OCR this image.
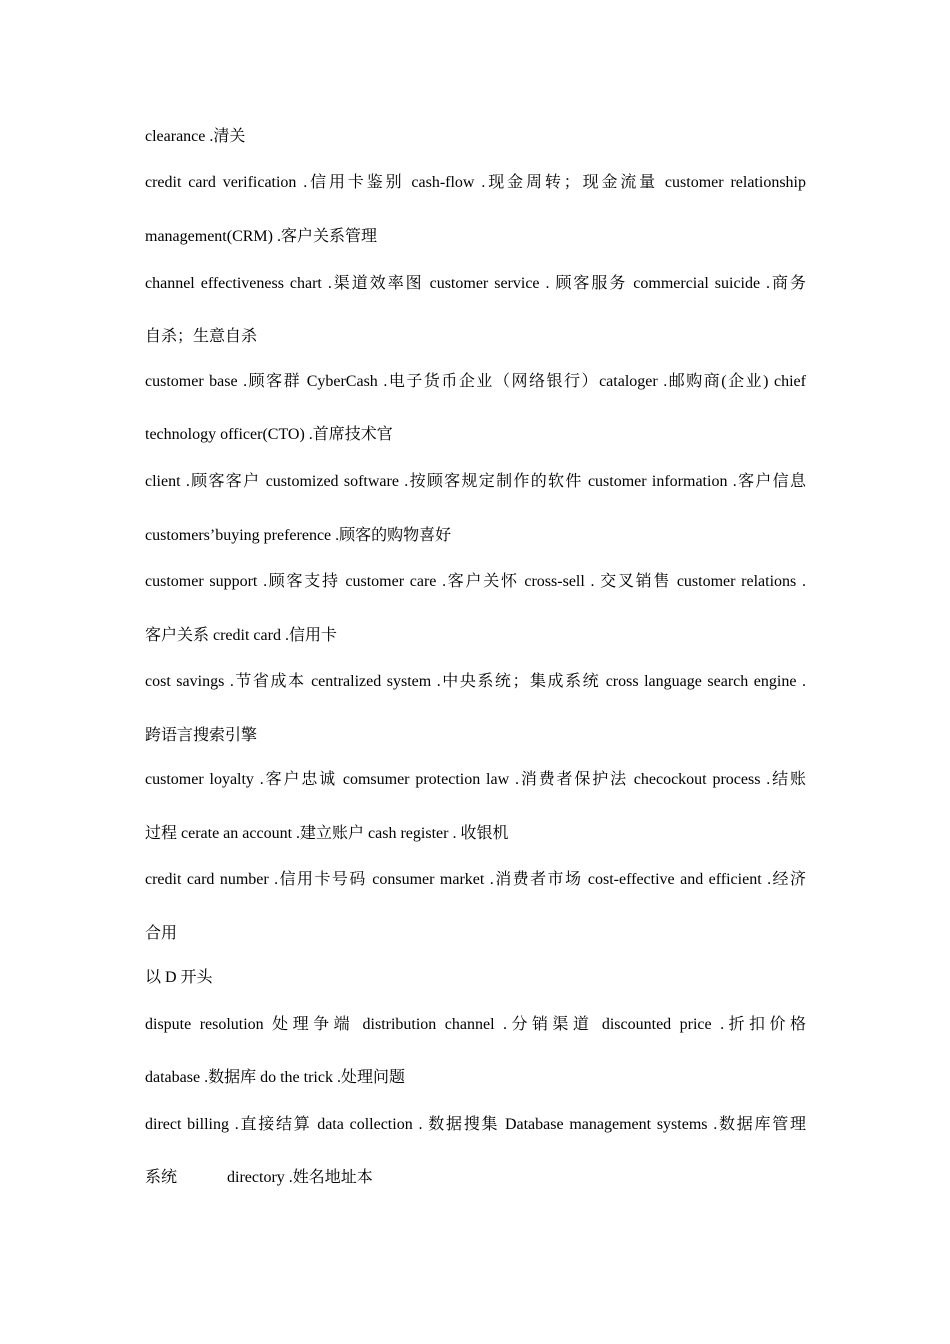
clearance .清关
credit card verification .信用卡鉴别 cash-flow .现金周转；现金流量 customer relationship
management(CRM) .客户关系管理
channel effectiveness chart .渠道效率图 customer service . 顾客服务 commercial suicide .商务
自杀；生意自杀
customer base .顾客群 CyberCash .电子货币企业（网络银行）cataloger .邮购商(企业) chief
technology officer(CTO) .首席技术官
client .顾客客户 customized software .按顾客规定制作的软件 customer information .客户信息
customers’buying preference .顾客的购物喜好
customer support .顾客支持 customer care .客户关怀 cross-sell . 交叉销售 customer relations .
客户关系 credit card .信用卡
cost savings .节省成本 centralized system .中央系统；集成系统 cross language search engine .
跨语言搜索引擎
customer loyalty .客户忠诚 comsumer protection law .消费者保护法 checockout process .结账
过程 cerate an account .建立账户 cash register . 收银机
credit card number .信用卡号码 consumer market .消费者市场 cost-effective and efficient .经济
合用
以 D 开头
dispute resolution 处理争端 distribution channel .分销渠道 discounted price .折扣价格
database .数据库 do the trick .处理问题
direct billing .直接结算 data collection . 数据搜集 Database management systems .数据库管理
系统	directory .姓名地址本
